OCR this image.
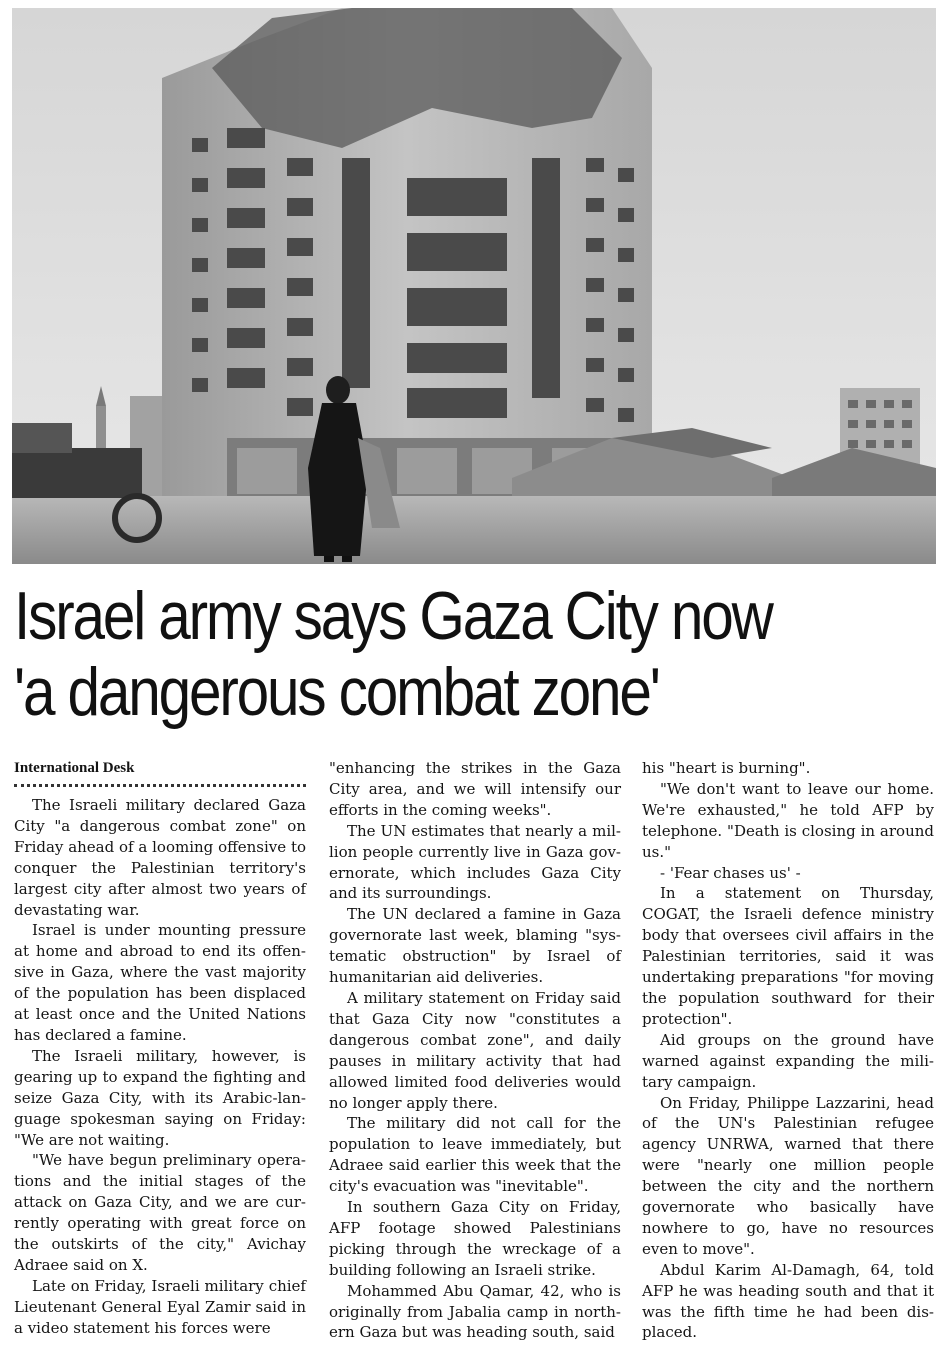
Israel army says Gaza City now
'a dangerous combat zone'
International Desk

The Israeli military declared Gaza City "a dangerous combat zone" on Friday ahead of a looming offensive to conquer the Palestinian territory's largest city after almost two years of devastating war.

Israel is under mounting pressure at home and abroad to end its offensive in Gaza, where the vast majority of the population has been displaced at least once and the United Nations has declared a famine.

The Israeli military, however, is gearing up to expand the fighting and seize Gaza City, with its Arabic-language spokesman saying on Friday: "We are not waiting.

"We have begun preliminary operations and the initial stages of the attack on Gaza City, and we are currently operating with great force on the outskirts of the city," Avichay Adraee said on X.

Late on Friday, Israeli military chief Lieutenant General Eyal Zamir said in a video statement his forces were

"enhancing the strikes in the Gaza City area, and we will intensify our efforts in the coming weeks".

The UN estimates that nearly a million people currently live in Gaza governorate, which includes Gaza City and its surroundings.

The UN declared a famine in Gaza governorate last week, blaming "systematic obstruction" by Israel of humanitarian aid deliveries.

A military statement on Friday said that Gaza City now "constitutes a dangerous combat zone", and daily pauses in military activity that had allowed limited food deliveries would no longer apply there.

The military did not call for the population to leave immediately, but Adraee said earlier this week that the city's evacuation was "inevitable".

In southern Gaza City on Friday, AFP footage showed Palestinians picking through the wreckage of a building following an Israeli strike.

Mohammed Abu Qamar, 42, who is originally from Jabalia camp in northern Gaza but was heading south, said

his "heart is burning".

"We don't want to leave our home. We're exhausted," he told AFP by telephone. "Death is closing in around us."

- 'Fear chases us' -

In a statement on Thursday, COGAT, the Israeli defence ministry body that oversees civil affairs in the Palestinian territories, said it was undertaking preparations "for moving the population southward for their protection".

Aid groups on the ground have warned against expanding the military campaign.

On Friday, Philippe Lazzarini, head of the UN's Palestinian refugee agency UNRWA, warned that there were "nearly one million people between the city and the northern governorate who basically have nowhere to go, have no resources even to move".

Abdul Karim Al-Damagh, 64, told AFP he was heading south and that it was the fifth time he had been displaced.
